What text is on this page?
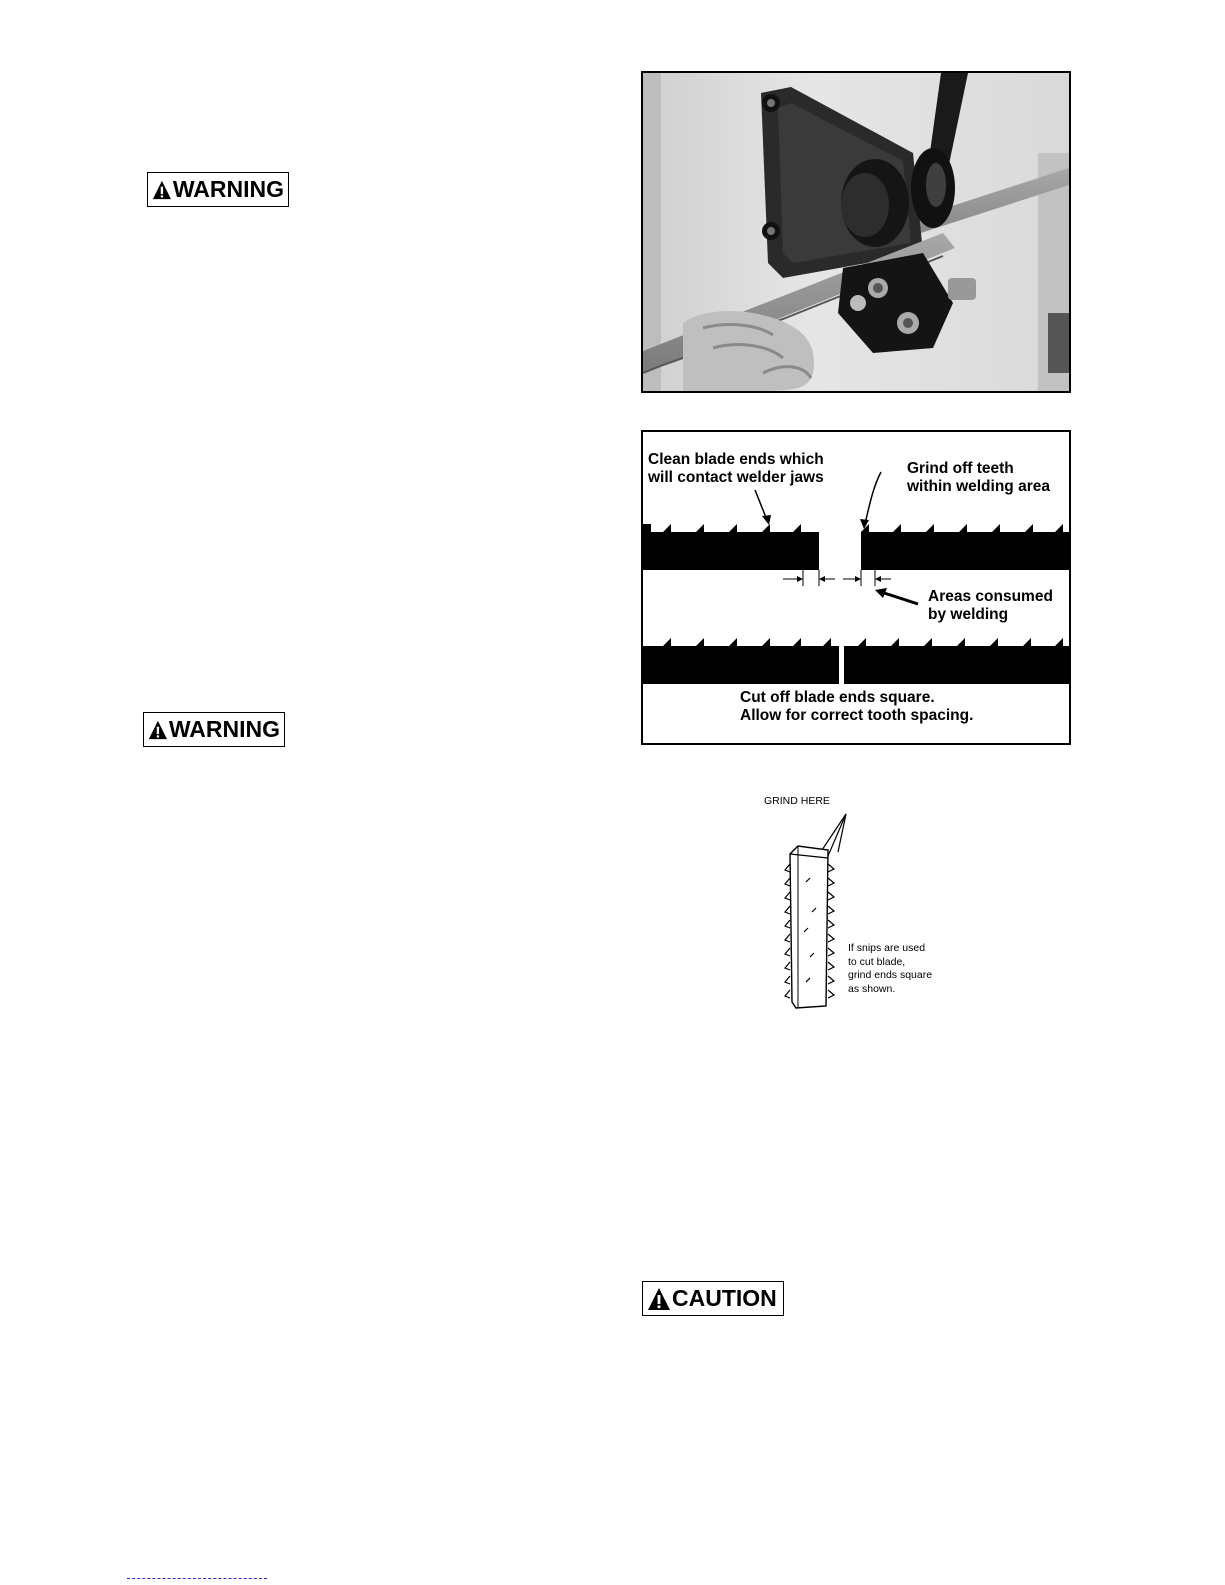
WARNING
WARNING
CAUTION
Clean blade ends which
will contact welder jaws
Grind off teeth
within welding area
Areas consumed
by welding
Cut off blade ends square.
Allow for correct tooth spacing.
GRIND HERE
If snips are used
to cut blade,
grind ends square
as shown.
